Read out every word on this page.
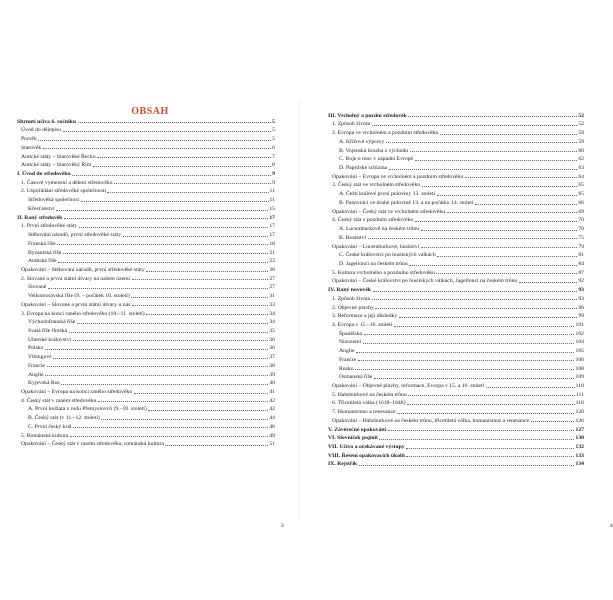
OBSAH
Shrnutí učiva 6. ročníku	5
Úvod do dějepisu	5
Pravěk	5
Starověk	6
Antické státy – Starověké Řecko	7
Antické státy – Starověký Řím	8
I. Úvod do středověku	9
1. Časové vymezení a dělení středověku	9
2. Uspořádání středověké společnosti	11
Středověká společnost	11
Křesťanství	15
II. Raný středověk	17
1. První středověké státy	17
Stěhování národů, první středověké státy	17
Franská říše	18
Byzantská říše	21
Arabská říše	23
Opakování – Stěhování národů, první středověké státy	26
2. Slované a první státní útvary na našem území	27
Slované	27
Velkomoravská říše (9. – počátek 10. století)	31
Opakování – Slované a první státní útvary u nás	33
3. Evropa na konci raného středověku (10.–11. století)	34
Východofranská říše	34
Svatá říše římská	35
Uherské království	36
Polsko	36
Vikingové	37
Francie	38
Anglie	39
Kyjevská Rus	40
Opakování – Evropa na konci raného středověku	41
4. Český stát v raném středověku	42
A. První knížata z rodu Přemyslovců (9.–10. století)	42
B. Český stát (v 11.–12. století)	44
C. První český král	46
5. Románská kultura	49
Opakování – Český stát v raném středověku, románská kultura	51
3
III. Vrcholný a pozdní středověk	52
1. Způsob života	52
2. Evropa ve vrcholném a pozdním středověku	59
A. Křížové výpravy	59
B. Vojenská hrozba z východu	60
C. Boje o moc v západní Evropě	62
D. Papežské schizma	63
Opakování – Evropa ve vrcholném a pozdním středověku	64
3. Český stát ve vrcholném středověku	65
A. Čeští králové první poloviny 13. století	65
B. Panovníci ve druhé polovině 13. a na počátku 14. století	66
Opakování – Český stát ve vrcholném středověku	69
4. Český stát v pozdním středověku	70
A. Lucemburkové na českém trůnu	70
B. Husitství	75
Opakování – Lucemburkové, husitství	79
C. České království po husitských válkách	81
D. Jagellonci na českém trůnu	84
5. Kultura vrcholného a pozdního středověku	87
Opakování – České království po husitských válkách, Jagellonci na českém trůnu	92
IV. Raný novověk	93
1. Způsob života	93
2. Objevné plavby	96
3. Reformace a její důsledky	99
4. Evropa v 15.–16. století	101
Španělsko	102
Nizozemí	104
Anglie	105
Francie	106
Rusko	108
Osmanská říše	109
Opakování – Objevné plavby, reformace, Evropa v 15. a 16. století	110
5. Habsburkové na českém trůnu	111
6. Třicetiletá válka (1618–1648)	116
7. Humanismus a renesance	120
Opakování – Habsburkové na českém trůnu, třicetiletá válka, humanismus a renesance	126
V. Závěrečné opakování	127
VI. Slovníček pojmů	130
VII. Učivo a očekávané výstupy	132
VIII. Řešení opakovacích úkolů	133
IX. Rejstřík	134
4
